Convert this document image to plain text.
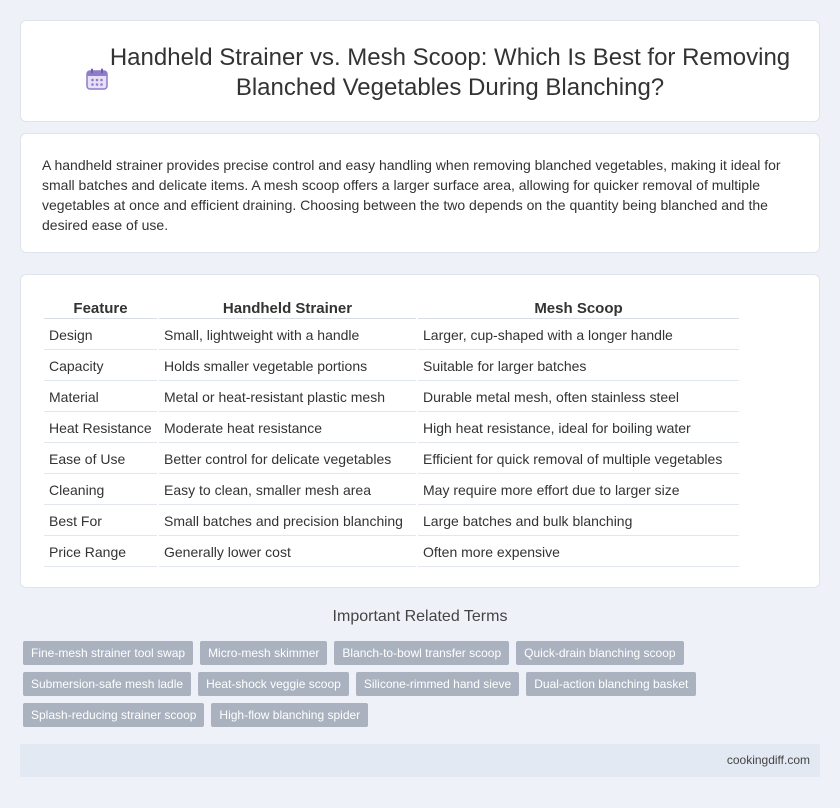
Handheld Strainer vs. Mesh Scoop: Which Is Best for Removing Blanched Vegetables During Blanching?

A handheld strainer provides precise control and easy handling when removing blanched vegetables, making it ideal for small batches and delicate items. A mesh scoop offers a larger surface area, allowing for quicker removal of multiple vegetables at once and efficient draining. Choosing between the two depends on the quantity being blanched and the desired ease of use.

Feature	Handheld Strainer	Mesh Scoop
Design	Small, lightweight with a handle	Larger, cup-shaped with a longer handle
Capacity	Holds smaller vegetable portions	Suitable for larger batches
Material	Metal or heat-resistant plastic mesh	Durable metal mesh, often stainless steel
Heat Resistance	Moderate heat resistance	High heat resistance, ideal for boiling water
Ease of Use	Better control for delicate vegetables	Efficient for quick removal of multiple vegetables
Cleaning	Easy to clean, smaller mesh area	May require more effort due to larger size
Best For	Small batches and precision blanching	Large batches and bulk blanching
Price Range	Generally lower cost	Often more expensive
Important Related Terms
Fine-mesh strainer tool swap	Micro-mesh skimmer	Blanch-to-bowl transfer scoop	Quick-drain blanching scoop
Submersion-safe mesh ladle	Heat-shock veggie scoop	Silicone-rimmed hand sieve	Dual-action blanching basket
Splash-reducing strainer scoop	High-flow blanching spider
cookingdiff.com
